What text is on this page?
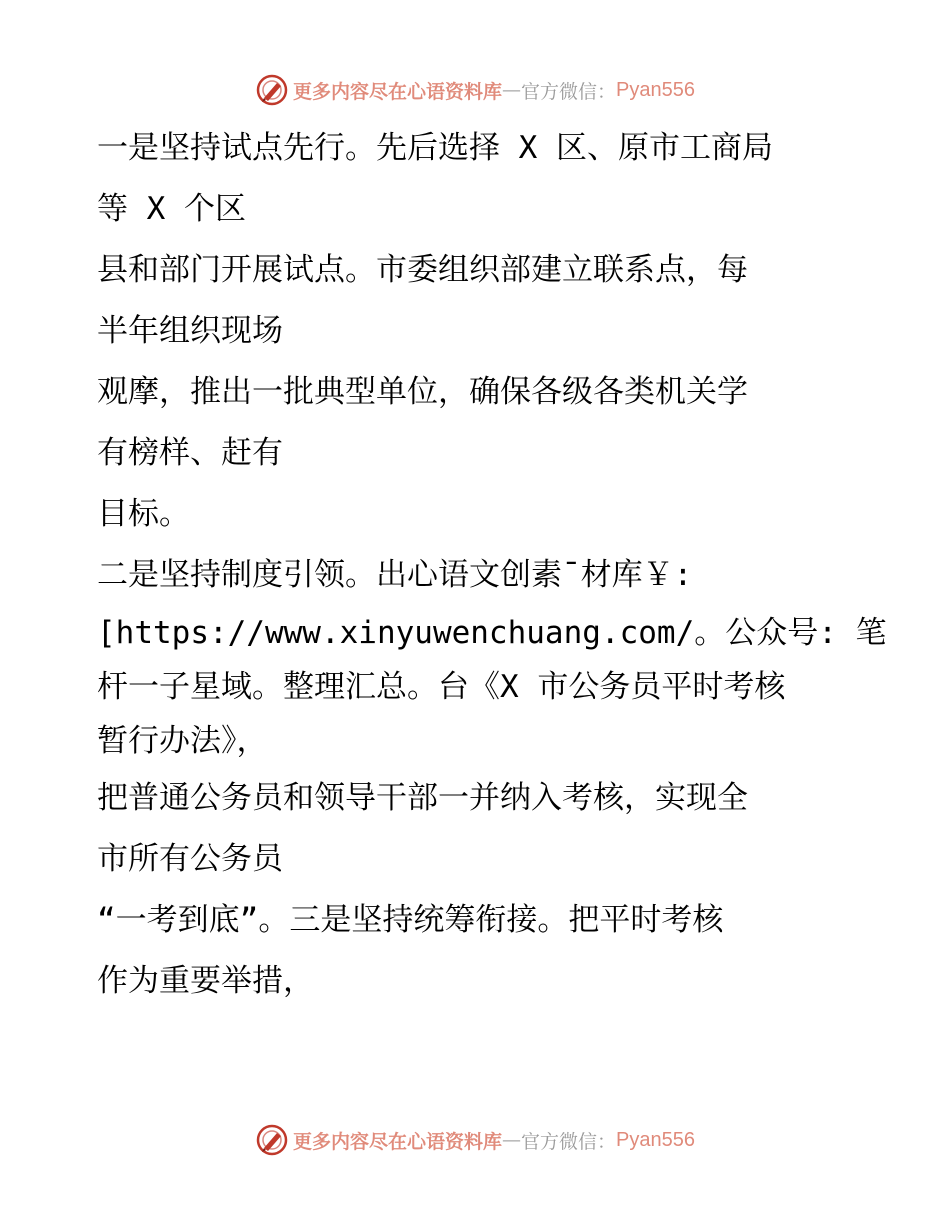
更多内容尽在心语资料库 — 官方微信： Pyan556
一是坚持试点先行。先后选择 X 区、原市工商局
等 X 个区
县和部门开展试点。市委组织部建立联系点，每
半年组织现场
观摩，推出一批典型单位，确保各级各类机关学
有榜样、赶有
目标。
二是坚持制度引领。出心语文创素¯材库￥:
[https://www.xinyuwenchuang.com/。公众号: 笔
杆一子星域。整理汇总。台《X 市公务员平时考核
暂行办法》，
把普通公务员和领导干部一并纳入考核，实现全
市所有公务员
“一考到底”。三是坚持统筹衔接。把平时考核
作为重要举措，
更多内容尽在心语资料库 — 官方微信： Pyan556
